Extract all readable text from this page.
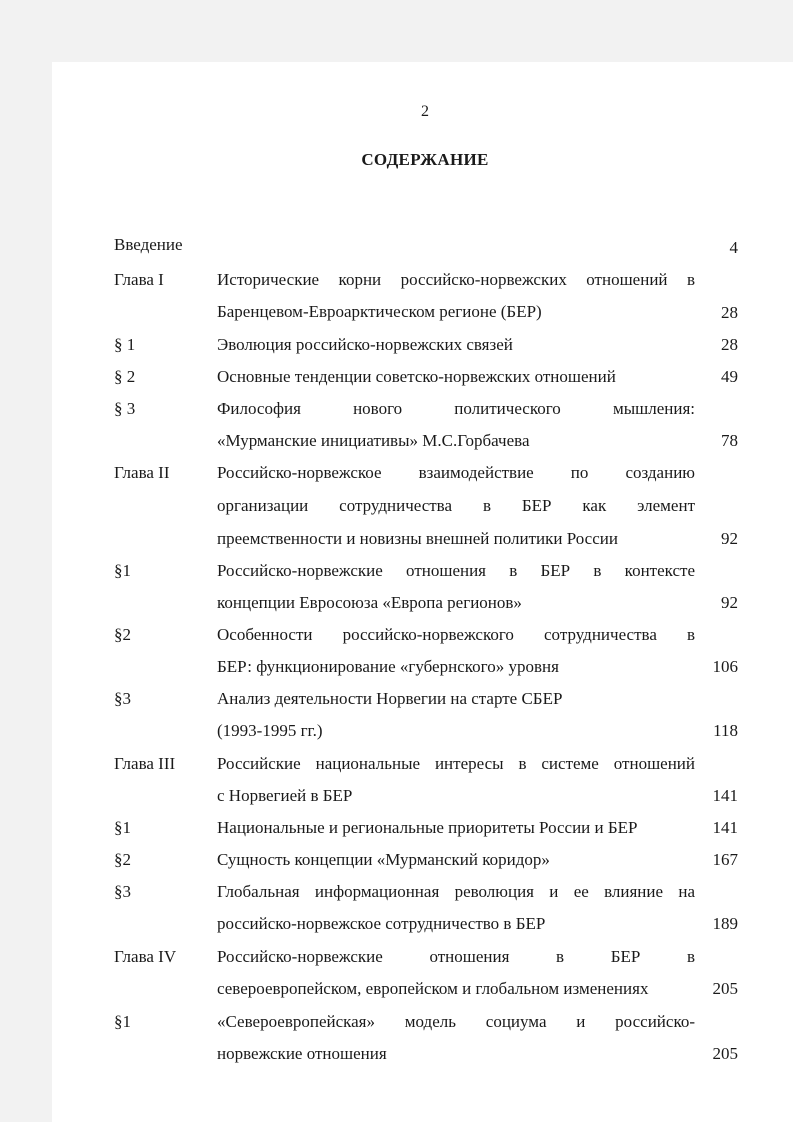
2
СОДЕРЖАНИЕ
Введение	4
Глава I	Исторические корни российско-норвежских отношений в
Баренцевом-Евроарктическом регионе (БЕР)	28
§ 1	Эволюция российско-норвежских связей	28
§ 2	Основные тенденции советско-норвежских отношений	49
§ 3	Философия нового политического мышления:
«Мурманские инициативы» М.С.Горбачева	78
Глава II	Российско-норвежское взаимодействие по созданию
организации сотрудничества в БЕР как элемент
преемственности и новизны внешней политики России	92
§1	Российско-норвежские отношения в БЕР в контексте
концепции Евросоюза «Европа регионов»	92
§2	Особенности российско-норвежского сотрудничества в
БЕР: функционирование «губернского» уровня	106
§3	Анализ деятельности Норвегии на старте СБЕР
(1993-1995 гг.)	118
Глава III Российские национальные интересы в системе отношений
с Норвегией в БЕР	141
§1	Национальные и региональные приоритеты России и БЕР	141
§2	Сущность концепции «Мурманский коридор»	167
§3	Глобальная информационная революция и ее влияние на
российско-норвежское сотрудничество в БЕР	189
Глава IV Российско-норвежские отношения в БЕР в
североевропейском, европейском и глобальном изменениях	205
§1	«Североевропейская» модель социума и российско-
норвежские отношения	205
